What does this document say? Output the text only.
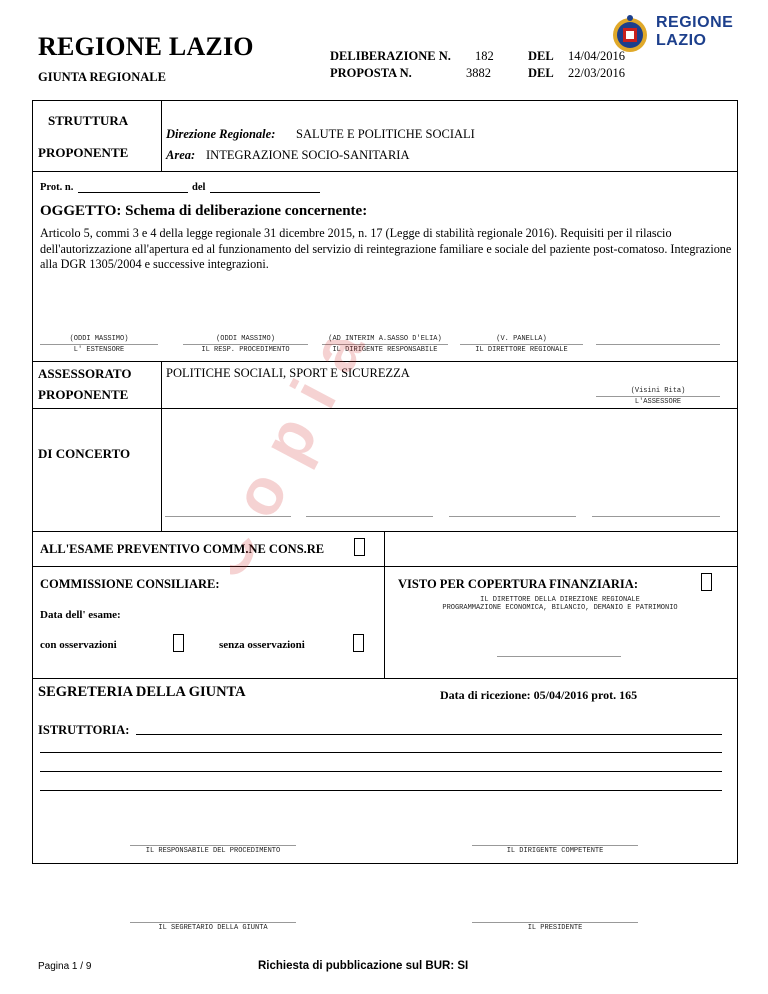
REGIONE LAZIO
GIUNTA REGIONALE
DELIBERAZIONE N. 182	DEL 14/04/2016
PROPOSTA N.	3882	DEL 22/03/2016
REGIONE
LAZIO
STRUTTURA
PROPONENTE
Direzione Regionale: SALUTE E POLITICHE SOCIALI
Area: INTEGRAZIONE SOCIO-SANITARIA
Prot. n.	del
OGGETTO: Schema di deliberazione concernente:
Articolo 5, commi 3 e 4 della legge regionale 31 dicembre 2015, n. 17 (Legge di stabilità regionale 2016). Requisiti per il rilascio dell'autorizzazione all'apertura ed al funzionamento del servizio di reintegrazione familiare e sociale del paziente post-comatoso. Integrazione alla DGR 1305/2004 e successive integrazioni.
(ODDI MASSIMO)
L' ESTENSORE
(ODDI MASSIMO)
IL RESP. PROCEDIMENTO
(AD INTERIM A.SASSO D'ELIA)
IL DIRIGENTE RESPONSABILE
(V. PANELLA)
IL DIRETTORE REGIONALE
ASSESSORATO
PROPONENTE
POLITICHE SOCIALI, SPORT E SICUREZZA
(Visini Rita)
L'ASSESSORE
DI CONCERTO
ALL'ESAME PREVENTIVO COMM.NE CONS.RE
COMMISSIONE CONSILIARE:
Data dell' esame:
con osservazioni	senza osservazioni
VISTO PER COPERTURA FINANZIARIA:
IL DIRETTORE DELLA DIREZIONE REGIONALE
PROGRAMMAZIONE ECONOMICA, BILANCIO, DEMANIO E PATRIMONIO
SEGRETERIA DELLA GIUNTA	Data di ricezione: 05/04/2016 prot. 165
ISTRUTTORIA:
IL RESPONSABILE DEL PROCEDIMENTO	IL DIRIGENTE COMPETENTE
IL SEGRETARIO DELLA GIUNTA	IL PRESIDENTE
Copia
Pagina 1 / 9	Richiesta di pubblicazione sul BUR: SI
